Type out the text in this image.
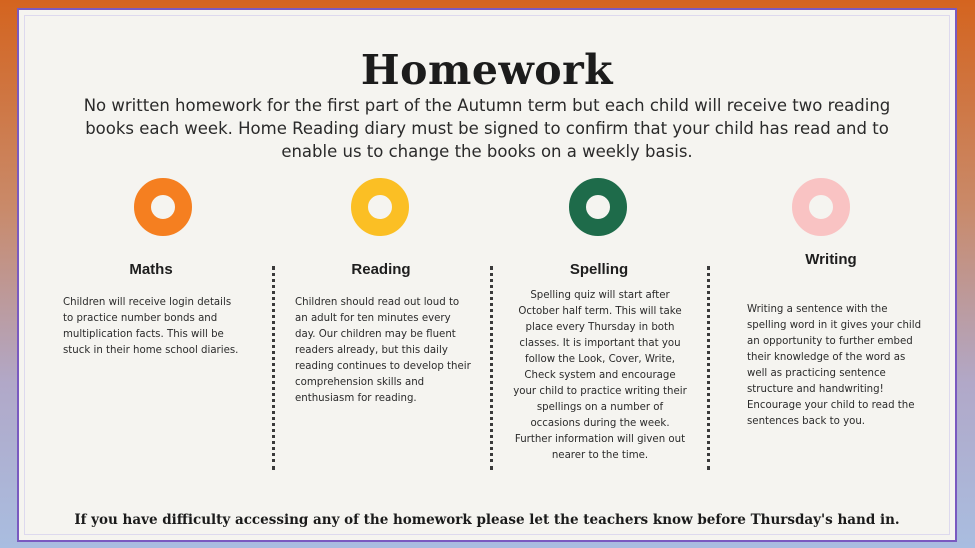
Homework

No written homework for the first part of the Autumn term but each child will receive two reading books each week. Home Reading diary must be signed to confirm that your child has read and to enable us to change the books on a weekly basis.

Maths

Children will receive login details to practice number bonds and multiplication facts. This will be stuck in their home school diaries.

Reading

Children should read out loud to an adult for ten minutes every day. Our children may be fluent readers already, but this daily reading continues to develop their comprehension skills and enthusiasm for reading.

Spelling

Spelling quiz will start after October half term. This will take place every Thursday in both classes. It is important that you follow the Look, Cover, Write, Check system and encourage your child to practice writing their spellings on a number of occasions during the week. Further information will given out nearer to the time.

Writing

Writing a sentence with the spelling word in it gives your child an opportunity to further embed their knowledge of the word as well as practicing sentence structure and handwriting! Encourage your child to read the sentences back to you.

If you have difficulty accessing any of the homework please let the teachers know before Thursday's hand in.
